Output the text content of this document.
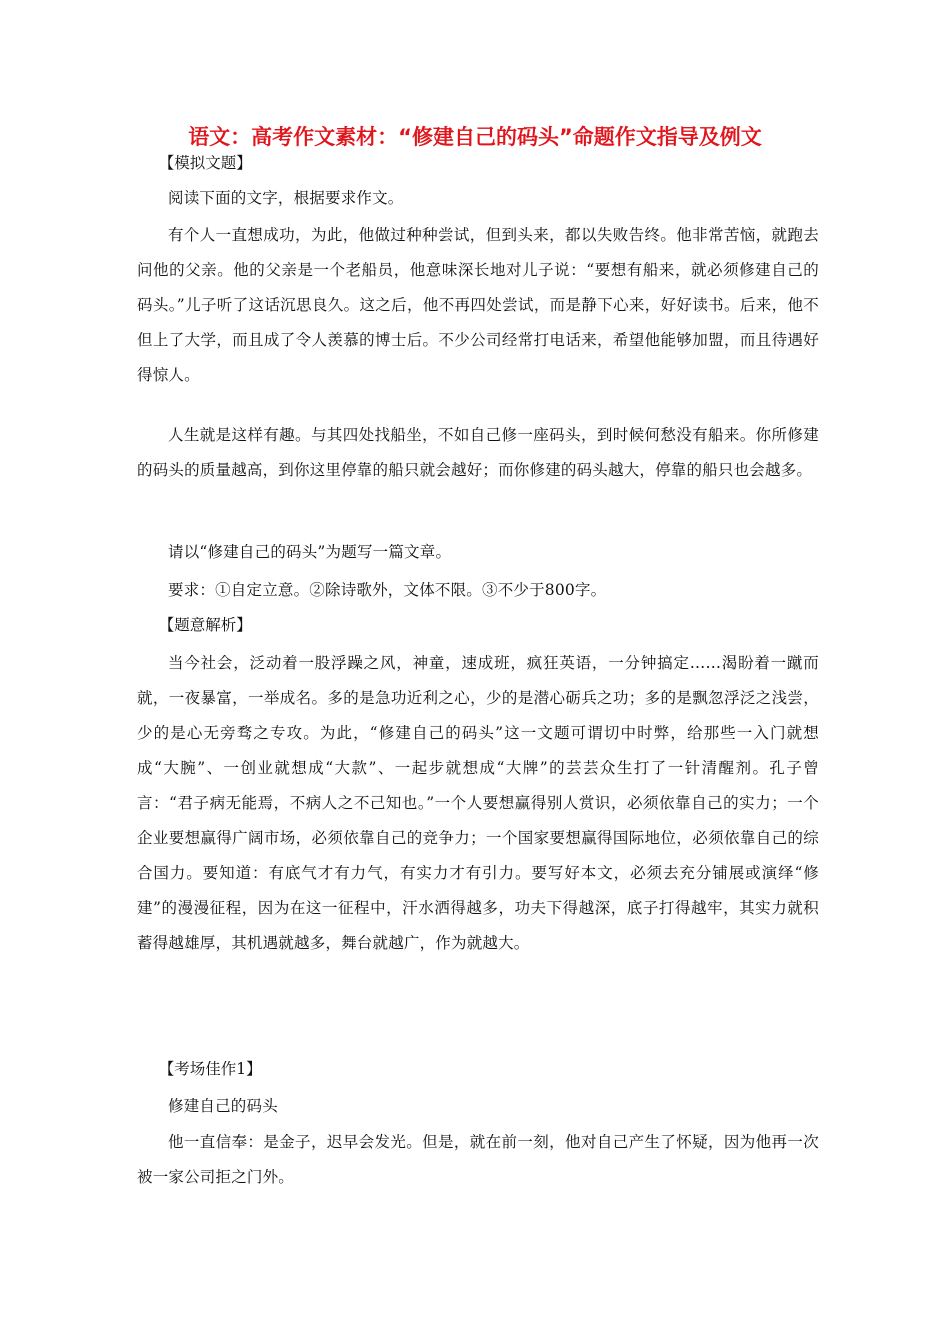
语文：高考作文素材：“修建自己的码头”命题作文指导及例文

【模拟文题】

阅读下面的文字，根据要求作文。

有个人一直想成功，为此，他做过种种尝试，但到头来，都以失败告终。他非常苦恼，就跑去问他的父亲。他的父亲是一个老船员，他意味深长地对儿子说：“要想有船来，就必须修建自己的码头。”儿子听了这话沉思良久。这之后，他不再四处尝试，而是静下心来，好好读书。后来，他不但上了大学，而且成了令人羡慕的博士后。不少公司经常打电话来，希望他能够加盟，而且待遇好得惊人。

人生就是这样有趣。与其四处找船坐，不如自己修一座码头，到时候何愁没有船来。你所修建的码头的质量越高，到你这里停靠的船只就会越好；而你修建的码头越大，停靠的船只也会越多。

请以“修建自己的码头”为题写一篇文章。

要求：①自定立意。②除诗歌外，文体不限。③不少于800字。

【题意解析】

当今社会，泛动着一股浮躁之风，神童，速成班，疯狂英语，一分钟搞定……渴盼着一蹴而就，一夜暴富，一举成名。多的是急功近利之心，少的是潜心砺兵之功；多的是飘忽浮泛之浅尝，少的是心无旁骛之专攻。为此，“修建自己的码头”这一文题可谓切中时弊，给那些一入门就想成“大腕”、一创业就想成“大款”、一起步就想成“大牌”的芸芸众生打了一针清醒剂。孔子曾言：“君子病无能焉，不病人之不己知也。”一个人要想赢得别人赏识，必须依靠自己的实力；一个企业要想赢得广阔市场，必须依靠自己的竞争力；一个国家要想赢得国际地位，必须依靠自己的综合国力。要知道：有底气才有力气，有实力才有引力。要写好本文，必须去充分铺展或演绎“修建”的漫漫征程，因为在这一征程中，汗水洒得越多，功夫下得越深，底子打得越牢，其实力就积蓄得越雄厚，其机遇就越多，舞台就越广，作为就越大。

【考场佳作1】

修建自己的码头

他一直信奉：是金子，迟早会发光。但是，就在前一刻，他对自己产生了怀疑，因为他再一次被一家公司拒之门外。
